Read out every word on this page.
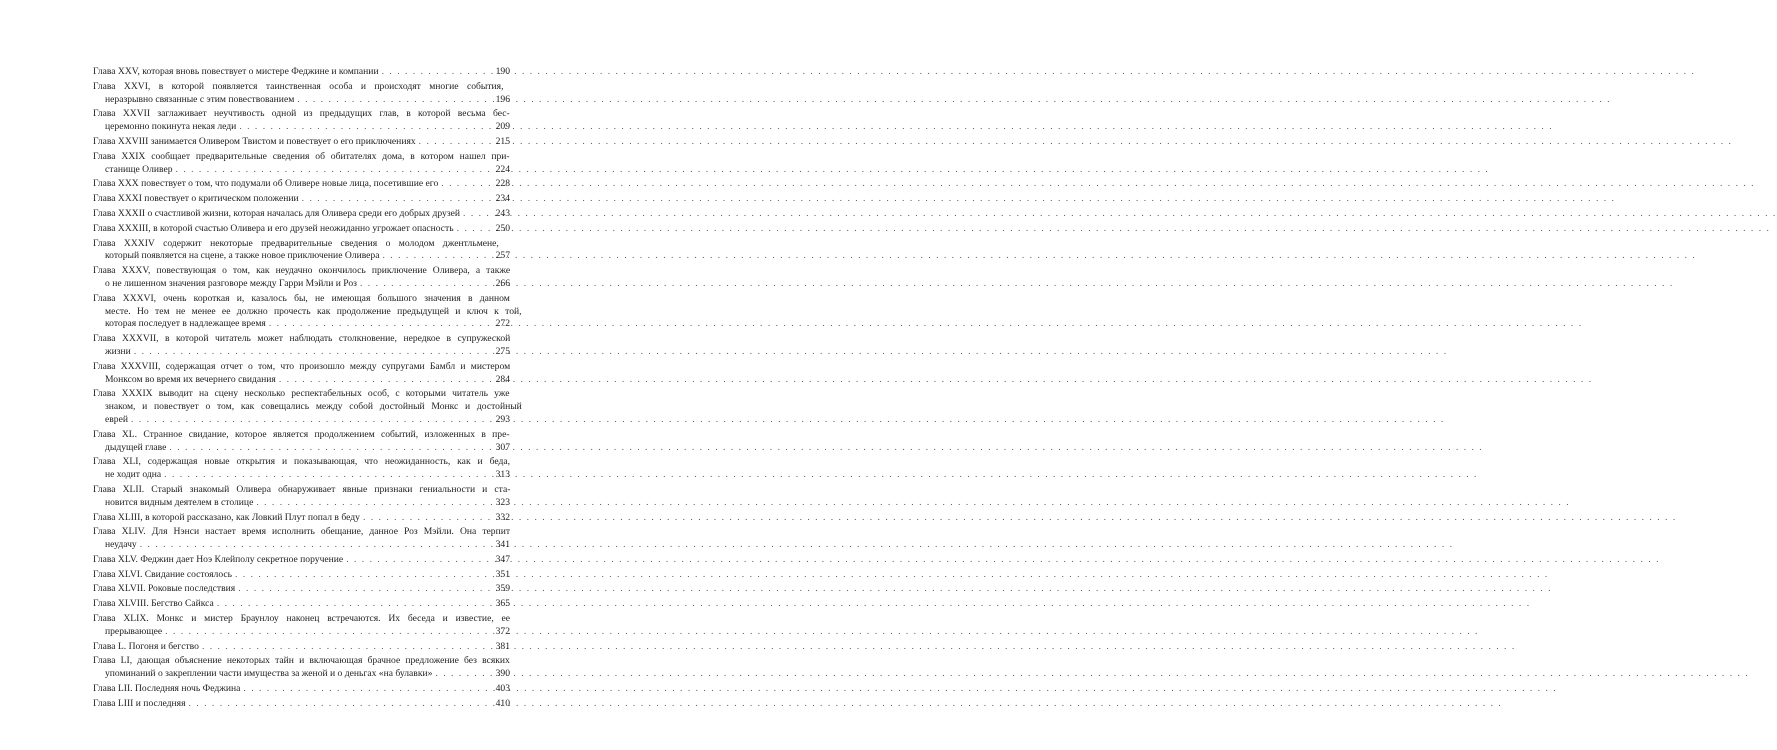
Глава XXV, которая вновь повествует о мистере Феджине и компании . . .	190
Глава XXVI, в которой появляется таинственная особа и происходят многие события,
неразрывно связанные с этим повествованием . . .	196
Глава XXVII заглаживает неучтивость одной из предыдущих глав, в которой весьма бес-
церемонно покинута некая леди . . .	209
Глава XXVIII занимается Оливером Твистом и повествует о его приключениях . . .	215
Глава XXIX сообщает предварительные сведения об обитателях дома, в котором нашел при-
станище Оливер . . .	224
Глава XXX повествует о том, что подумали об Оливере новые лица, посетившие его . . .	228
Глава XXXI повествует о критическом положении . . .	234
Глава XXXII о счастливой жизни, которая началась для Оливера среди его добрых друзей . . .	243
Глава XXXIII, в которой счастью Оливера и его друзей неожиданно угрожает опасность . . .	250
Глава XXXIV содержит некоторые предварительные сведения о молодом джентльмене,
который появляется на сцене, а также новое приключение Оливера . . .	257
Глава XXXV, повествующая о том, как неудачно окончилось приключение Оливера, а также
о не лишенном значения разговоре между Гарри Мэйли и Роз . . .	266
Глава XXXVI, очень короткая и, казалось бы, не имеющая большого значения в данном
месте. Но тем не менее ее должно прочесть как продолжение предыдущей и ключ к той,
которая последует в надлежащее время . . .	272
Глава XXXVII, в которой читатель может наблюдать столкновение, нередкое в супружеской
жизни . . .	275
Глава XXXVIII, содержащая отчет о том, что произошло между супругами Бамбл и мистером
Монксом во время их вечернего свидания . . .	284
Глава XXXIX выводит на сцену несколько респектабельных особ, с которыми читатель уже
знаком, и повествует о том, как совещались между собой достойный Монкс и достойный
еврей . . .	293
Глава XL. Странное свидание, которое является продолжением событий, изложенных в пре-
дыдущей главе . . .	307
Глава XLI, содержащая новые открытия и показывающая, что неожиданность, как и беда,
не ходит одна . . .	313
Глава XLII. Старый знакомый Оливера обнаруживает явные признаки гениальности и ста-
новится видным деятелем в столице . . .	323
Глава XLIII, в которой рассказано, как Ловкий Плут попал в беду . . .	332
Глава XLIV. Для Нэнси настает время исполнить обещание, данное Роз Мэйли. Она терпит
неудачу . . .	341
Глава XLV. Феджин дает Ноэ Клейполу секретное поручение . . .	347
Глава XLVI. Свидание состоялось . . .	351
Глава XLVII. Роковые последствия . . .	359
Глава XLVIII. Бегство Сайкса . . .	365
Глава XLIX. Монкс и мистер Браунлоу наконец встречаются. Их беседа и известие, ее
прерывающее . . .	372
Глава L. Погоня и бегство . . .	381
Глава LI, дающая объяснение некоторых тайн и включающая брачное предложение без всяких
упоминаний о закреплении части имущества за женой и о деньгах «на булавки» . . .	390
Глава LII. Последняя ночь Феджина . . .	403
Глава LIII и последняя . . .	410
